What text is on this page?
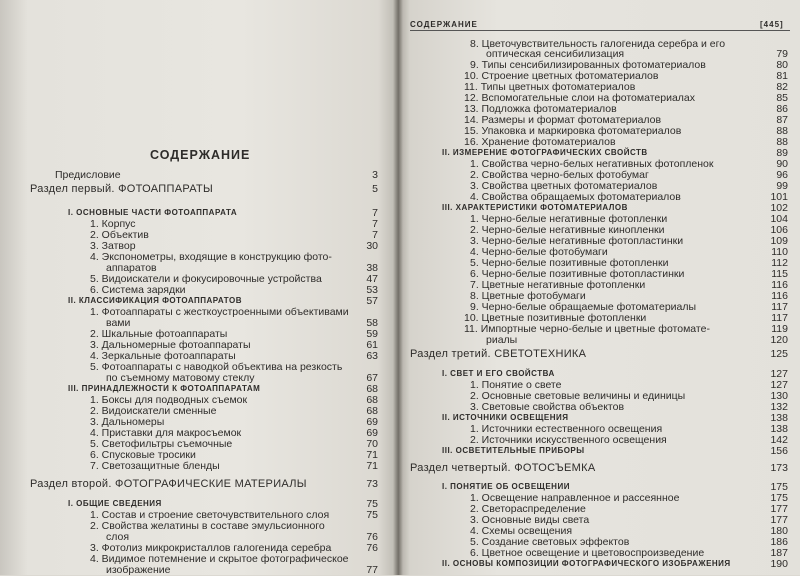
СОДЕРЖАНИЕ	[445]
СОДЕРЖАНИЕ
Предисловие	3
Раздел первый. ФОТОАППАРАТЫ	5
I. ОСНОВНЫЕ ЧАСТИ ФОТОАППАРАТА	7
1. Корпус	7
2. Объектив	7
3. Затвор	30
4. Экспонометры, входящие в конструкцию фото-
аппаратов	38
5. Видоискатели и фокусировочные устройства	47
6. Система зарядки	53
II. КЛАССИФИКАЦИЯ ФОТОАППАРАТОВ	57
1. Фотоаппараты с жесткоустроенными объективами
вами	58
2. Шкальные фотоаппараты	59
3. Дальномерные фотоаппараты	61
4. Зеркальные фотоаппараты	63
5. Фотоаппараты с наводкой объектива на резкость
по съемному матовому стеклу	67
III. ПРИНАДЛЕЖНОСТИ К ФОТОАППАРАТАМ	68
1. Боксы для подводных съемок	68
2. Видоискатели сменные	68
3. Дальномеры	69
4. Приставки для макросъемок	69
5. Светофильтры съемочные	70
6. Спусковые тросики	71
7. Светозащитные бленды	71
Раздел второй. ФОТОГРАФИЧЕСКИЕ МАТЕРИАЛЫ	73
I. ОБЩИЕ СВЕДЕНИЯ	75
1. Состав и строение светочувствительного слоя	75
2. Свойства желатины в составе эмульсионного
слоя	76
3. Фотолиз микрокристаллов галогенида серебра	76
4. Видимое потемнение и скрытое фотографическое
изображение	77
8. Цветочувствительность галогенида серебра и его
оптическая сенсибилизация	79
9. Типы сенсибилизированных фотоматериалов	80
10. Строение цветных фотоматериалов	81
11. Типы цветных фотоматериалов	82
12. Вспомогательные слои на фотоматериалах	85
13. Подложка фотоматериалов	86
14. Размеры и формат фотоматериалов	87
15. Упаковка и маркировка фотоматериалов	88
16. Хранение фотоматериалов	88
II. ИЗМЕРЕНИЕ ФОТОГРАФИЧЕСКИХ СВОЙСТВ	89
1. Свойства черно-белых негативных фотопленок	90
2. Свойства черно-белых фотобумаг	96
3. Свойства цветных фотоматериалов	99
4. Свойства обращаемых фотоматериалов	101
III. ХАРАКТЕРИСТИКИ ФОТОМАТЕРИАЛОВ	102
1. Черно-белые негативные фотопленки	104
2. Черно-белые негативные кинопленки	106
3. Черно-белые негативные фотопластинки	109
4. Черно-белые фотобумаги	110
5. Черно-белые позитивные фотопленки	112
6. Черно-белые позитивные фотопластинки	115
7. Цветные негативные фотопленки	116
8. Цветные фотобумаги	116
9. Черно-белые обращаемые фотоматериалы	117
10. Цветные позитивные фотопленки	117
11. Импортные черно-белые и цветные фотомате-	119
риалы	120
Раздел третий. СВЕТОТЕХНИКА	125
I. СВЕТ И ЕГО СВОЙСТВА	127
1. Понятие о свете	127
2. Основные световые величины и единицы	130
3. Световые свойства объектов	132
II. ИСТОЧНИКИ ОСВЕЩЕНИЯ	138
1. Источники естественного освещения	138
2. Источники искусственного освещения	142
III. ОСВЕТИТЕЛЬНЫЕ ПРИБОРЫ	156
Раздел четвертый. ФОТОСЪЕМКА	173
I. ПОНЯТИЕ ОБ ОСВЕЩЕНИИ	175
1. Освещение направленное и рассеянное	175
2. Светораспределение	177
3. Основные виды света	177
4. Схемы освещения	180
5. Создание световых эффектов	186
6. Цветное освещение и цветовоспроизведение	187
II. ОСНОВЫ КОМПОЗИЦИИ ФОТОГРАФИЧЕСКОГО ИЗОБРАЖЕНИЯ	190
